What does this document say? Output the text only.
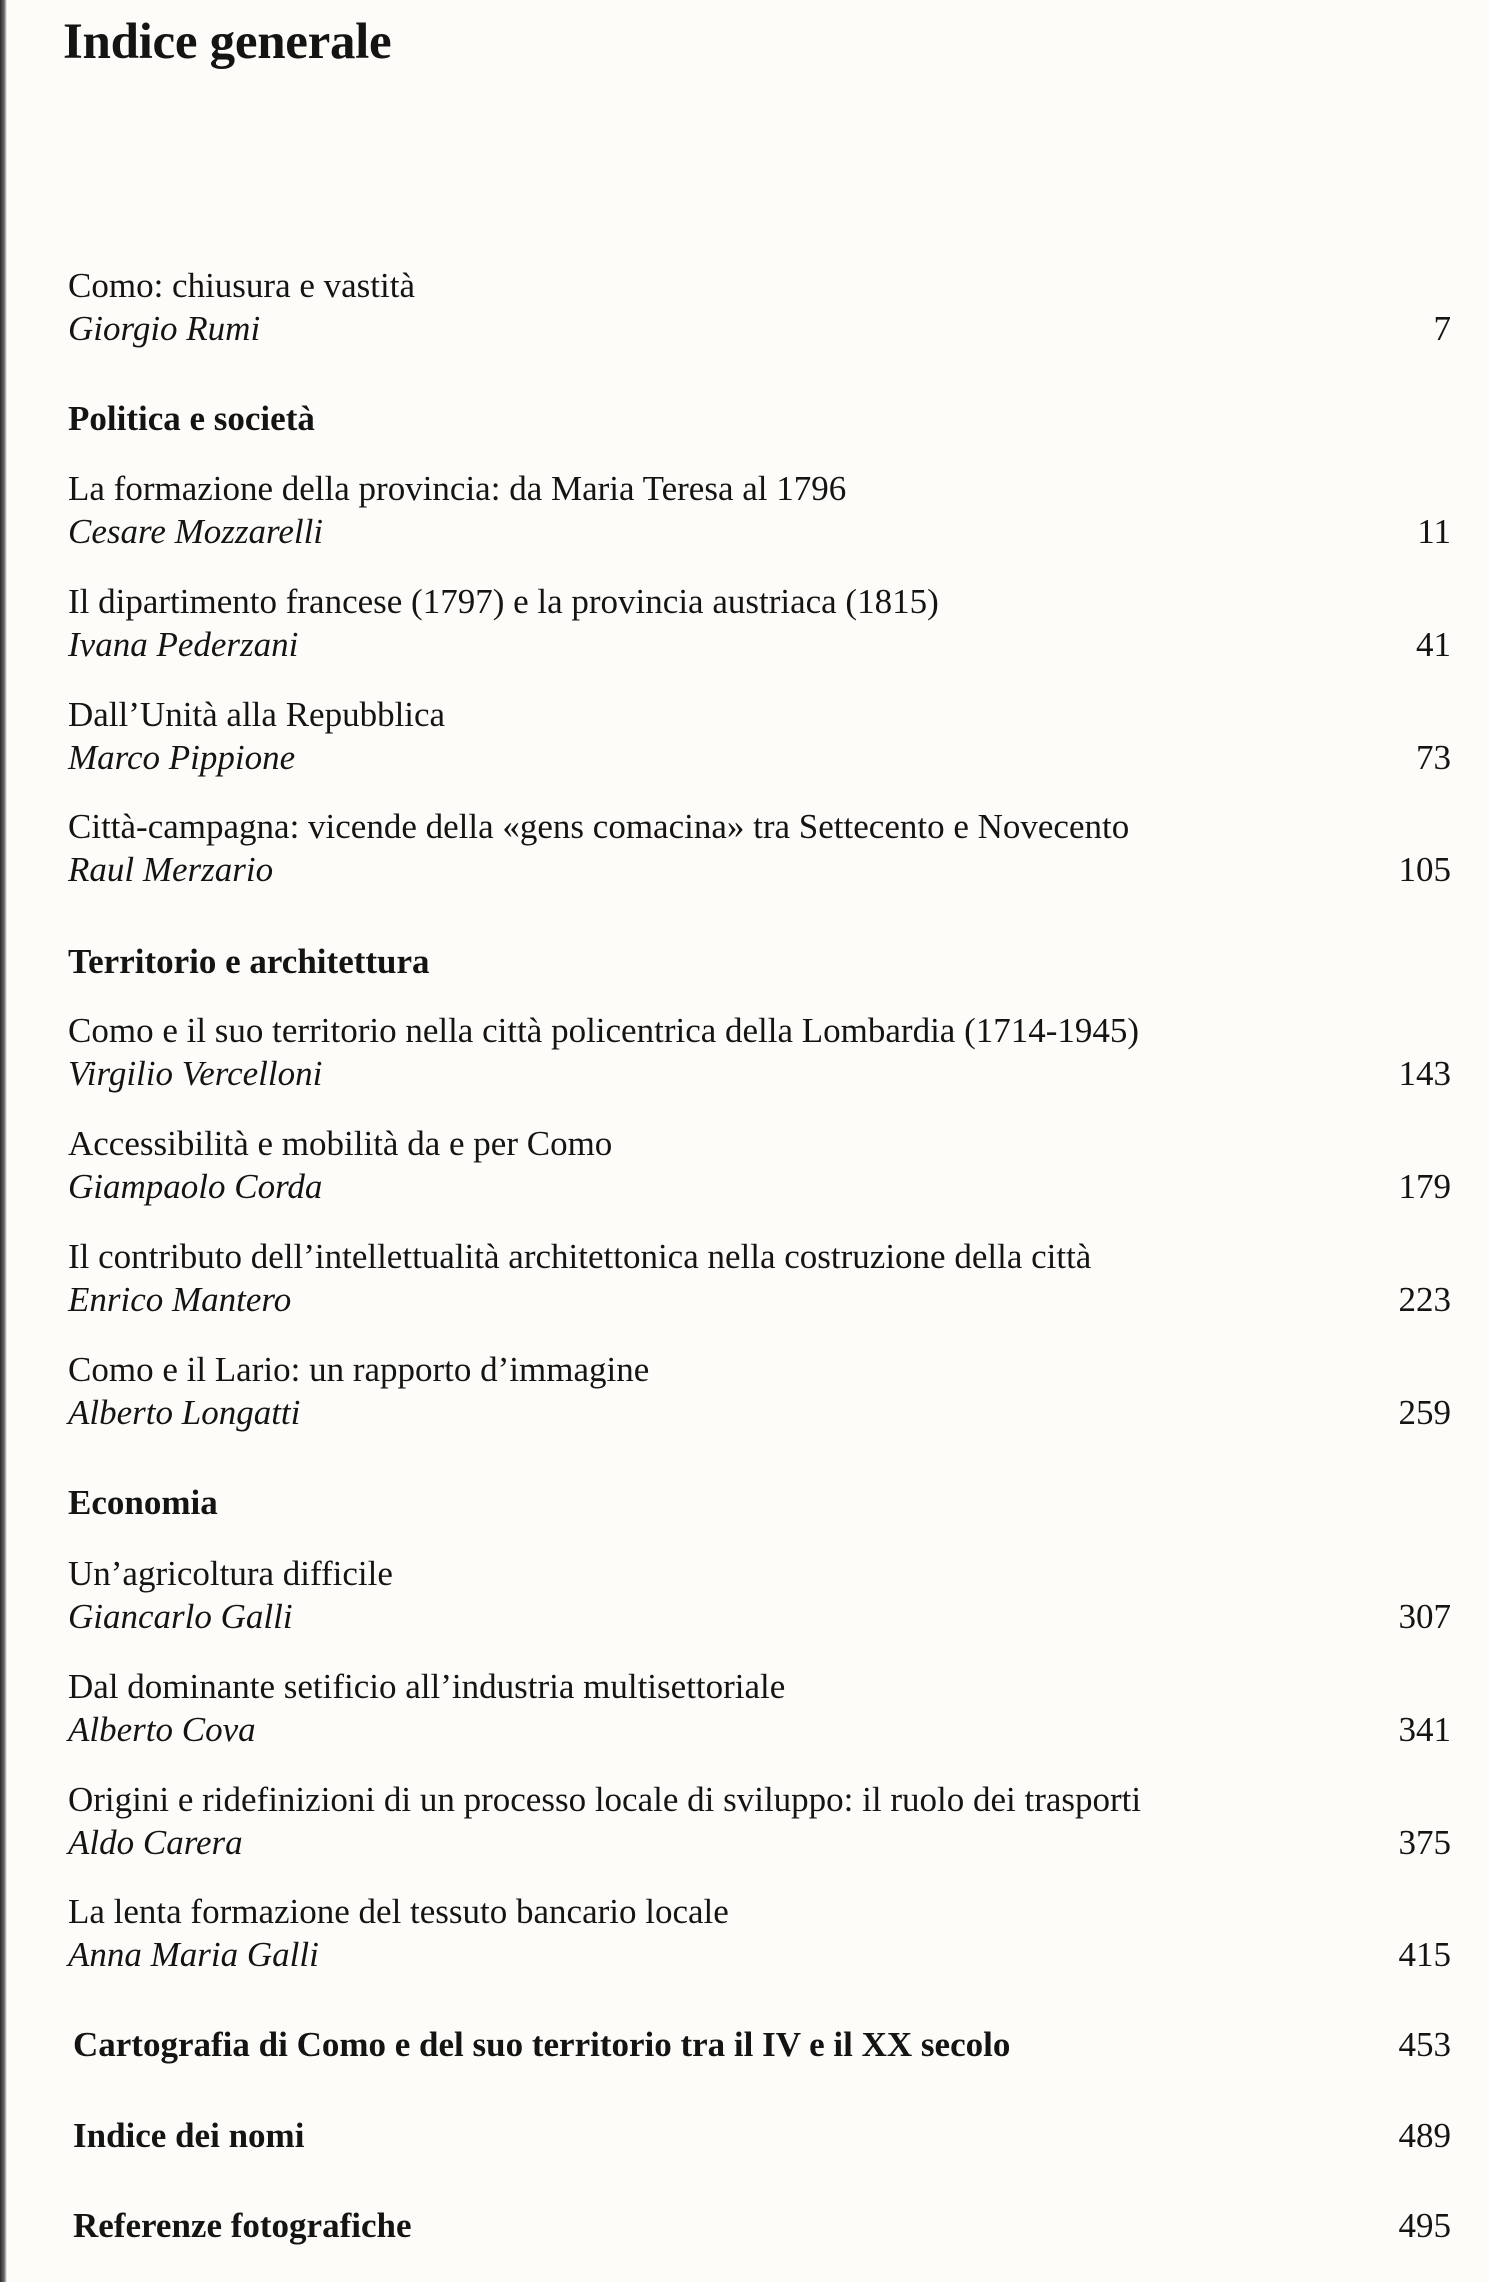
Indice generale
Como: chiusura e vastità
Giorgio Rumi	7
Politica e società
La formazione della provincia: da Maria Teresa al 1796
Cesare Mozzarelli	11
Il dipartimento francese (1797) e la provincia austriaca (1815)
Ivana Pederzani	41
Dall’Unità alla Repubblica
Marco Pippione	73
Città-campagna: vicende della «gens comacina» tra Settecento e Novecento
Raul Merzario	105
Territorio e architettura
Como e il suo territorio nella città policentrica della Lombardia (1714-1945)
Virgilio Vercelloni	143
Accessibilità e mobilità da e per Como
Giampaolo Corda	179
Il contributo dell’intellettualità architettonica nella costruzione della città
Enrico Mantero	223
Como e il Lario: un rapporto d’immagine
Alberto Longatti	259
Economia
Un’agricoltura difficile
Giancarlo Galli	307
Dal dominante setificio all’industria multisettoriale
Alberto Cova	341
Origini e ridefinizioni di un processo locale di sviluppo: il ruolo dei trasporti
Aldo Carera	375
La lenta formazione del tessuto bancario locale
Anna Maria Galli	415
Cartografia di Como e del suo territorio tra il IV e il XX secolo	453
Indice dei nomi	489
Referenze fotografiche	495
